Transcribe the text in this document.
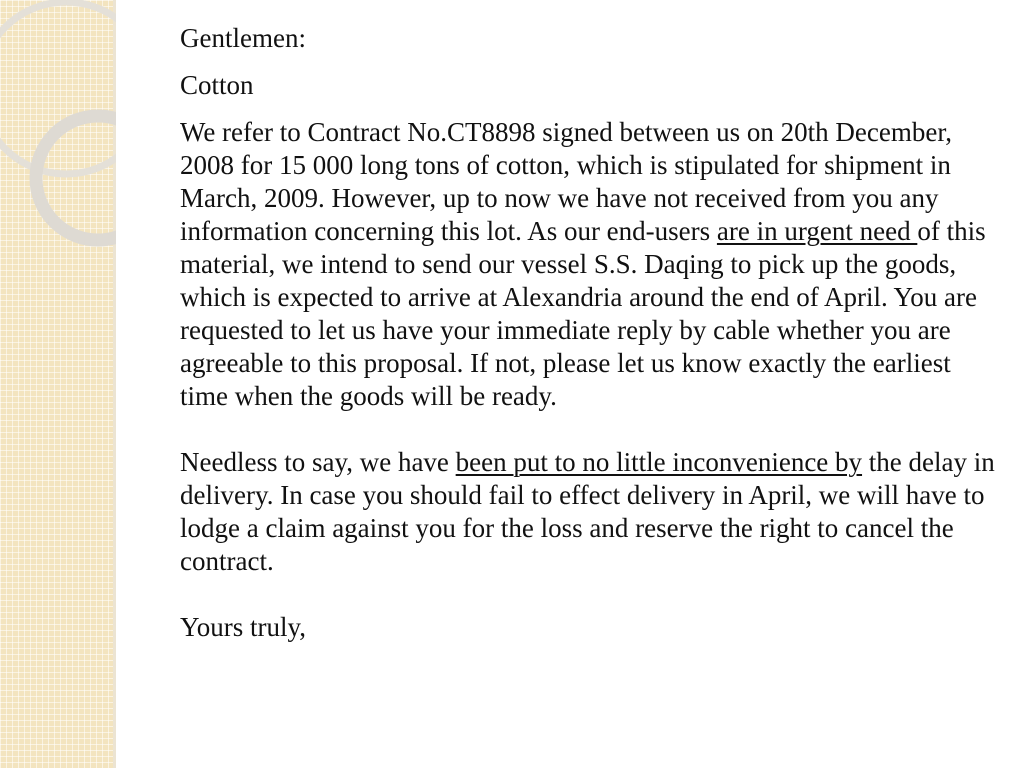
Gentlemen:

Cotton

We refer to Contract No.CT8898 signed between us on 20th December, 2008 for 15 000 long tons of cotton, which is stipulated for shipment in March, 2009. However, up to now we have not received from you any information concerning this lot. As our end-users are in urgent need of this material, we intend to send our vessel S.S. Daqing to pick up the goods, which is expected to arrive at Alexandria around the end of April. You are requested to let us have your immediate reply by cable whether you are agreeable to this proposal. If not, please let us know exactly the earliest time when the goods will be ready.

Needless to say, we have been put to no little inconvenience by the delay in delivery. In case you should fail to effect delivery in April, we will have to lodge a claim against you for the loss and reserve the right to cancel the contract.

Yours truly,
